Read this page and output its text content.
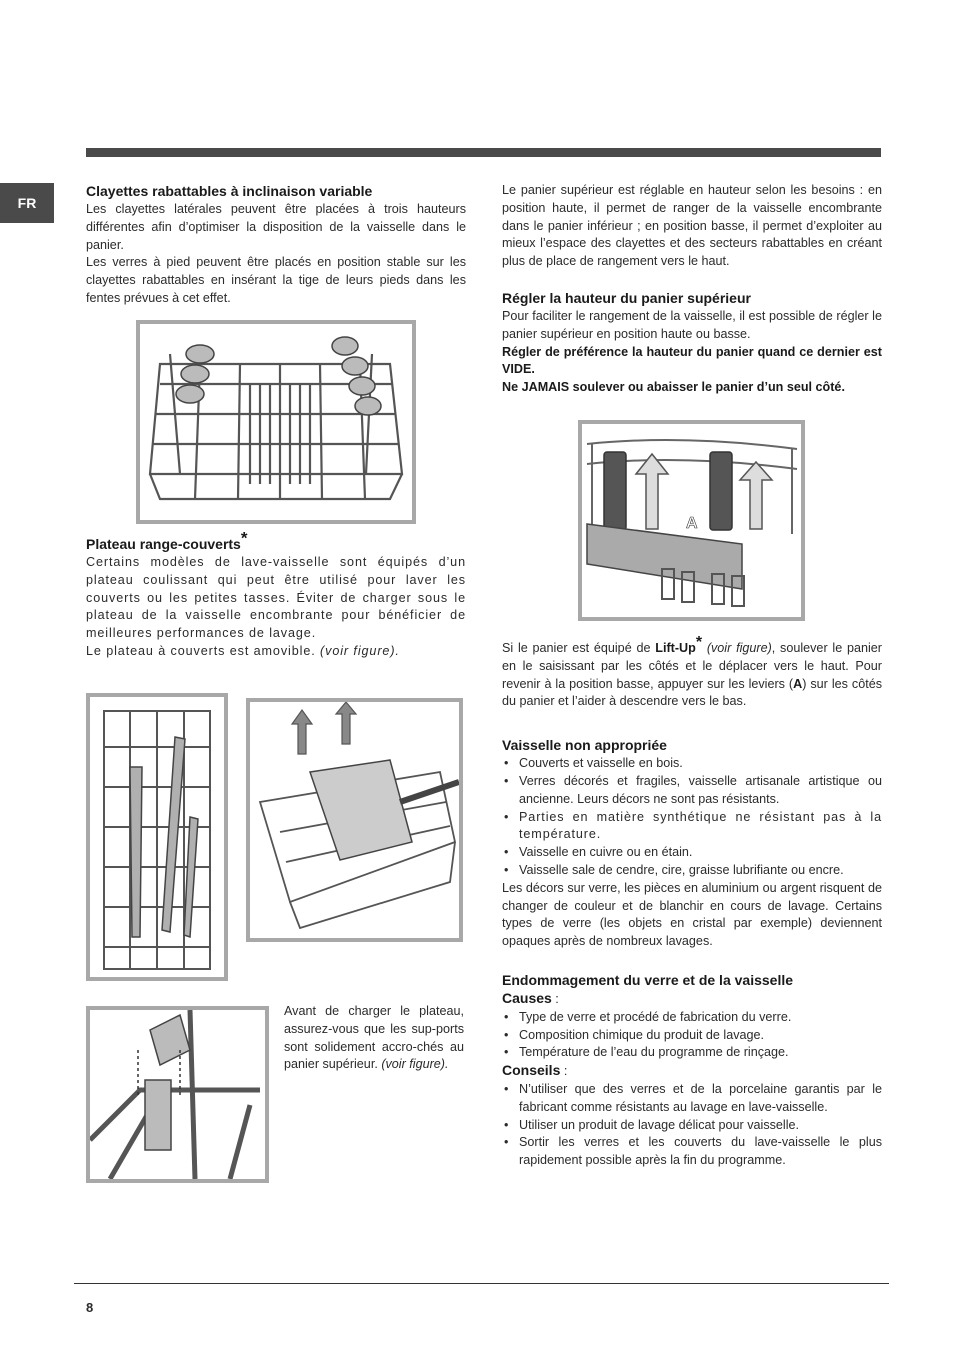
FR
Clayettes rabattables à inclinaison variable

Les clayettes latérales peuvent être placées à trois hauteurs différentes afin d’optimiser la disposition de la vaisselle dans le panier.

Les verres à pied peuvent être placés en position stable sur les clayettes rabattables en insérant la tige de leurs pieds dans les fentes prévues à cet effet.

Plateau range-couverts*

Certains modèles de lave-vaisselle sont équipés d’un plateau coulissant qui peut être utilisé pour laver les couverts ou les petites tasses. Éviter de charger sous le plateau de la vaisselle encombrante pour bénéficier de meilleures performances de lavage.

Le plateau à couverts est amovible. (voir figure).

Avant de charger le plateau, assurez-vous que les sup-ports sont solidement accro-chés au panier supérieur. (voir figure).

Le panier supérieur est réglable en hauteur selon les besoins : en position haute, il permet de ranger de la vaisselle encombrante dans le panier inférieur ; en position basse, il permet d’exploiter au mieux l’espace des clayettes et des secteurs rabattables en créant plus de place de rangement vers le haut.

Régler la hauteur du panier supérieur

Pour faciliter le rangement de la vaisselle, il est possible de régler le panier supérieur en position haute ou basse.

Régler de préférence la hauteur du panier quand ce dernier est VIDE.

Ne JAMAIS soulever ou abaisser le panier d’un seul côté.

A

Si le panier est équipé de Lift-Up* (voir figure), soulever le panier en le saisissant par les côtés et le déplacer vers le haut. Pour revenir à la position basse, appuyer sur les leviers (A) sur les côtés du panier et l’aider à descendre vers le bas.

Vaisselle non appropriée
• Couverts et vaisselle en bois.
• Verres décorés et fragiles, vaisselle artisanale artistique ou ancienne. Leurs décors ne sont pas résistants.
• Parties en matière synthétique ne résistant pas à la température.
• Vaisselle en cuivre ou en étain.
• Vaisselle sale de cendre, cire, graisse lubrifiante ou encre.

Les décors sur verre, les pièces en aluminium ou argent risquent de changer de couleur et de blanchir en cours de lavage. Certains types de verre (les objets en cristal par exemple) deviennent opaques après de nombreux lavages.

Endommagement du verre et de la vaisselle
Causes :
• Type de verre et procédé de fabrication du verre.
• Composition chimique du produit de lavage.
• Température de l’eau du programme de rinçage.
Conseils :
• N’utiliser que des verres et de la porcelaine garantis par le fabricant comme résistants au lavage en lave-vaisselle.
• Utiliser un produit de lavage délicat pour vaisselle.
• Sortir les verres et les couverts du lave-vaisselle le plus rapidement possible après la fin du programme.
8
